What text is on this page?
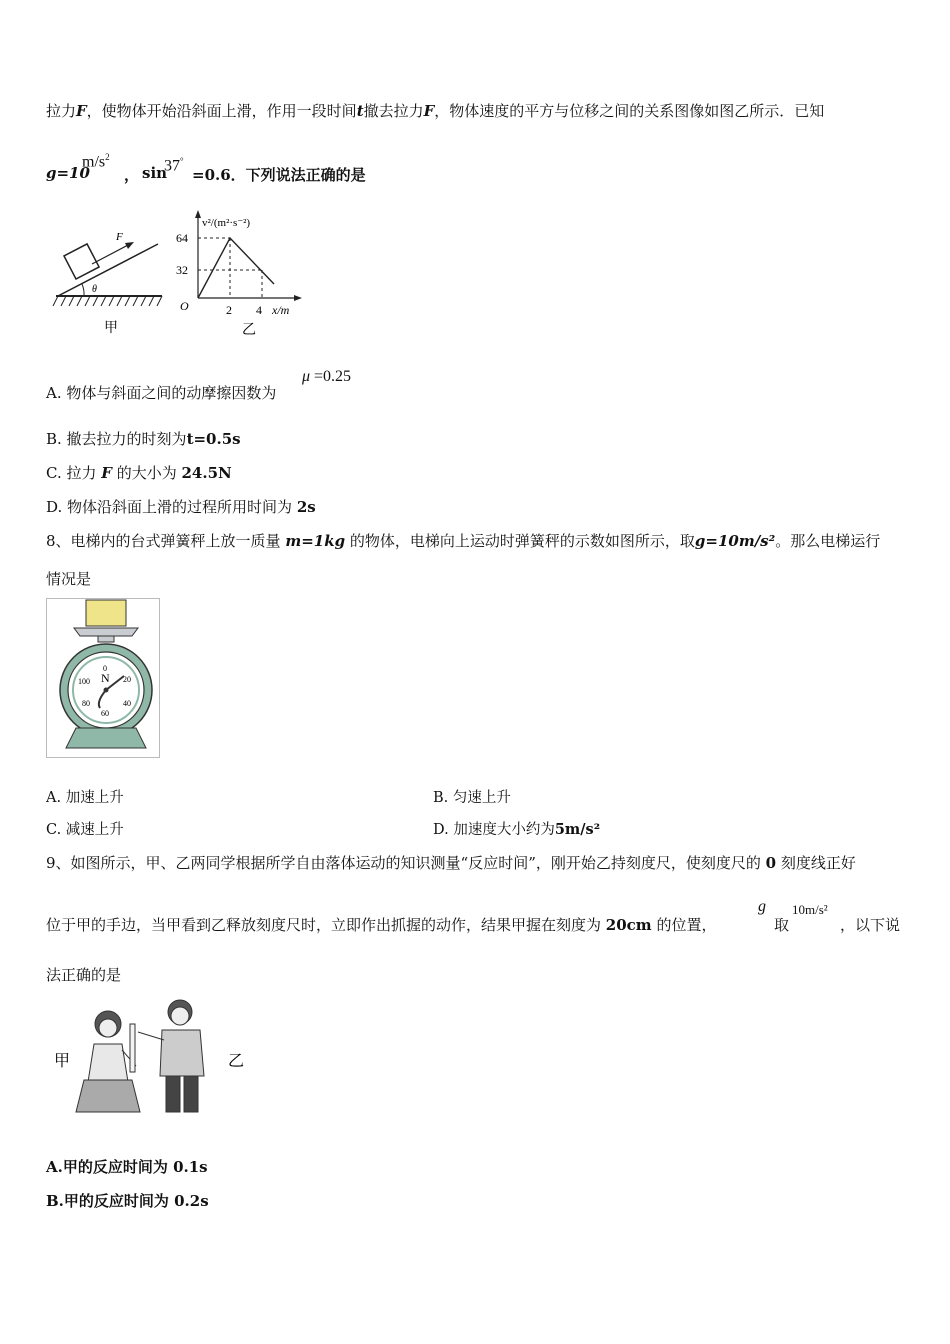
拉力F，使物体开始沿斜面上滑，作用一段时间t撤去拉力F，物体速度的平方与位移之间的关系图像如图乙所示．已知
g=10
$m/s^2$
， sin
37°
=0.6．下列说法正确的是
F
θ
甲
v²/(m²·s⁻²)
64
32
O	2 4 x/m
乙
A. 物体与斜面之间的动摩擦因数为
μ =0.25
B. 撤去拉力的时刻为t=0.5s
C. 拉力 F 的大小为 24.5N
D. 物体沿斜面上滑的过程所用时间为 2s
8、电梯内的台式弹簧秤上放一质量 m=1kg 的物体，电梯向上运动时弹簧秤的示数如图所示，取g=10m/s²。那么电梯运行
情况是
0
20
40
60
80
100 N
A. 加速上升	B. 匀速上升
C. 减速上升	D. 加速度大小约为5m/s²
9、如图所示，甲、乙两同学根据所学自由落体运动的知识测量“反应时间”，刚开始乙持刻度尺，使刻度尺的 0 刻度线正好
位于甲的手边，当甲看到乙释放刻度尺时，立即作出抓握的动作，结果甲握在刻度为 20cm 的位置，
g
取
10m/s²
，以下说
法正确的是
甲	乙
A.甲的反应时间为 0.1s
B.甲的反应时间为 0.2s
